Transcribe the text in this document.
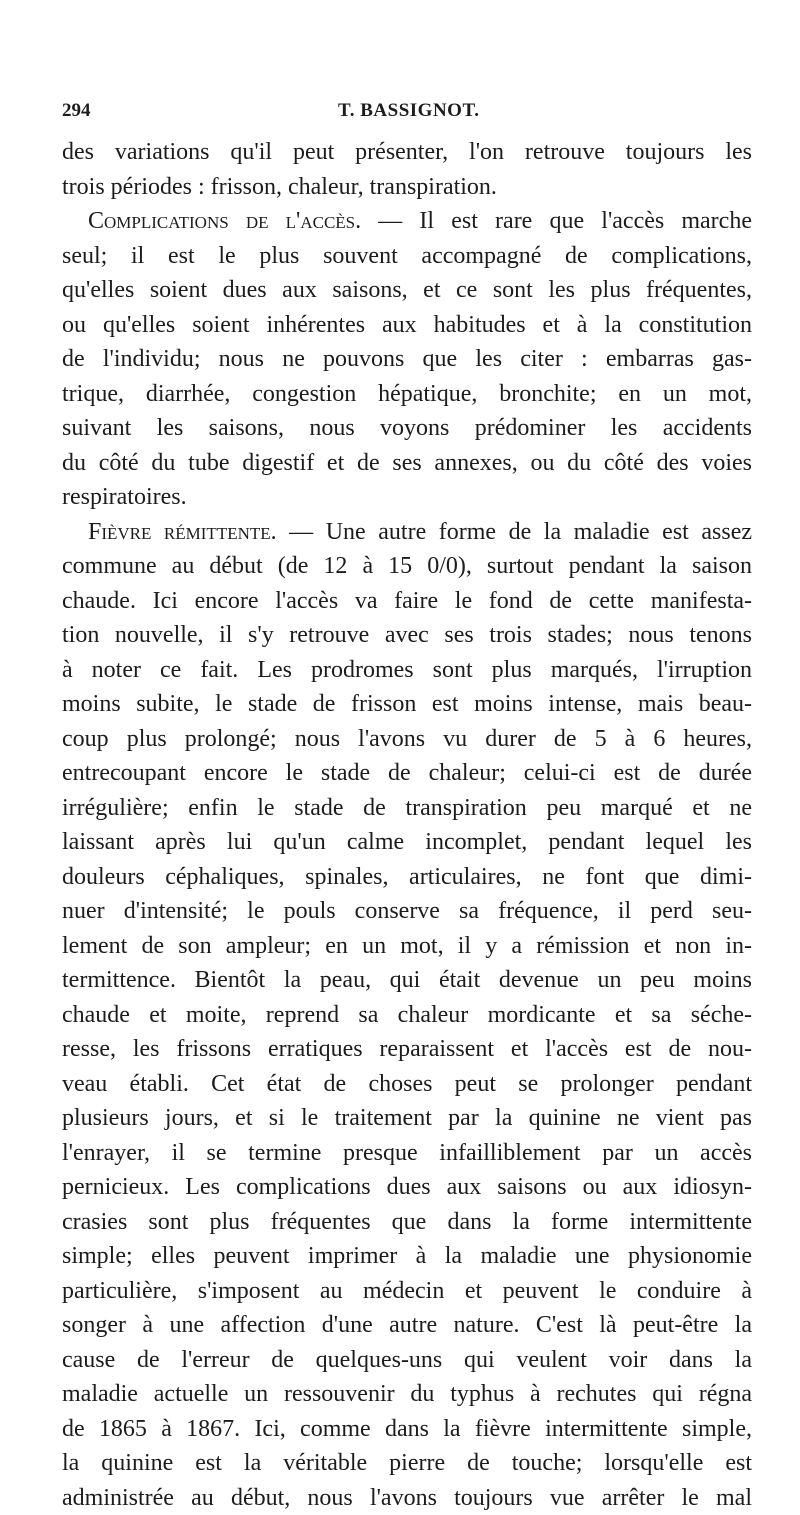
294	T. BASSIGNOT.
des variations qu'il peut présenter, l'on retrouve toujours les
trois périodes : frisson, chaleur, transpiration.
Complications de l'accès. — Il est rare que l'accès marche
seul; il est le plus souvent accompagné de complications,
qu'elles soient dues aux saisons, et ce sont les plus fréquentes,
ou qu'elles soient inhérentes aux habitudes et à la constitution
de l'individu; nous ne pouvons que les citer : embarras gas-
trique, diarrhée, congestion hépatique, bronchite; en un mot,
suivant les saisons, nous voyons prédominer les accidents
du côté du tube digestif et de ses annexes, ou du côté des voies
respiratoires.
Fièvre rémittente. — Une autre forme de la maladie est assez
commune au début (de 12 à 15 0/0), surtout pendant la saison
chaude. Ici encore l'accès va faire le fond de cette manifesta-
tion nouvelle, il s'y retrouve avec ses trois stades; nous tenons
à noter ce fait. Les prodromes sont plus marqués, l'irruption
moins subite, le stade de frisson est moins intense, mais beau-
coup plus prolongé; nous l'avons vu durer de 5 à 6 heures,
entrecoupant encore le stade de chaleur; celui-ci est de durée
irrégulière; enfin le stade de transpiration peu marqué et ne
laissant après lui qu'un calme incomplet, pendant lequel les
douleurs céphaliques, spinales, articulaires, ne font que dimi-
nuer d'intensité; le pouls conserve sa fréquence, il perd seu-
lement de son ampleur; en un mot, il y a rémission et non in-
termittence. Bientôt la peau, qui était devenue un peu moins
chaude et moite, reprend sa chaleur mordicante et sa séche-
resse, les frissons erratiques reparaissent et l'accès est de nou-
veau établi. Cet état de choses peut se prolonger pendant
plusieurs jours, et si le traitement par la quinine ne vient pas
l'enrayer, il se termine presque infailliblement par un accès
pernicieux. Les complications dues aux saisons ou aux idiosyn-
crasies sont plus fréquentes que dans la forme intermittente
simple; elles peuvent imprimer à la maladie une physionomie
particulière, s'imposent au médecin et peuvent le conduire à
songer à une affection d'une autre nature. C'est là peut-être la
cause de l'erreur de quelques-uns qui veulent voir dans la
maladie actuelle un ressouvenir du typhus à rechutes qui régna
de 1865 à 1867. Ici, comme dans la fièvre intermittente simple,
la quinine est la véritable pierre de touche; lorsqu'elle est
administrée au début, nous l'avons toujours vue arrêter le mal
